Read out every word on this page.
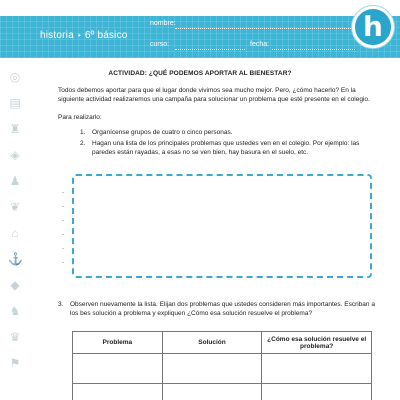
historia • 6º básico
nombre:
curso:	fecha:
h
◎
▤
♜
◈
♟
❦
⌂
⚓
◆
♞
♛
⚑
ACTIVIDAD: ¿QUÉ PODEMOS APORTAR AL BIENESTAR?
Todos debemos aportar para que el lugar donde vivimos sea mucho mejor. Pero, ¿cómo hacerlo? En la siguiente actividad realizaremos una campaña para solucionar un problema que esté presente en el colegio.
Para realizarlo:
1. Organícense grupos de cuatro o cinco personas.
2. Hagan una lista de los principales problemas que ustedes ven en el colegio. Por ejemplo: las paredes están rayadas, a esas no se ven bien, hay basura en el suelo, etc.
-
-
-
-
-
-
3. Observen nuevamente la lista. Elijan dos problemas que ustedes consideren más importantes. Escriban a los bes solución a problema y expliquen ¿Cómo esa solución resuelve el problema?
Problema	Solución	¿Cómo esa solución resuelve el problema?
